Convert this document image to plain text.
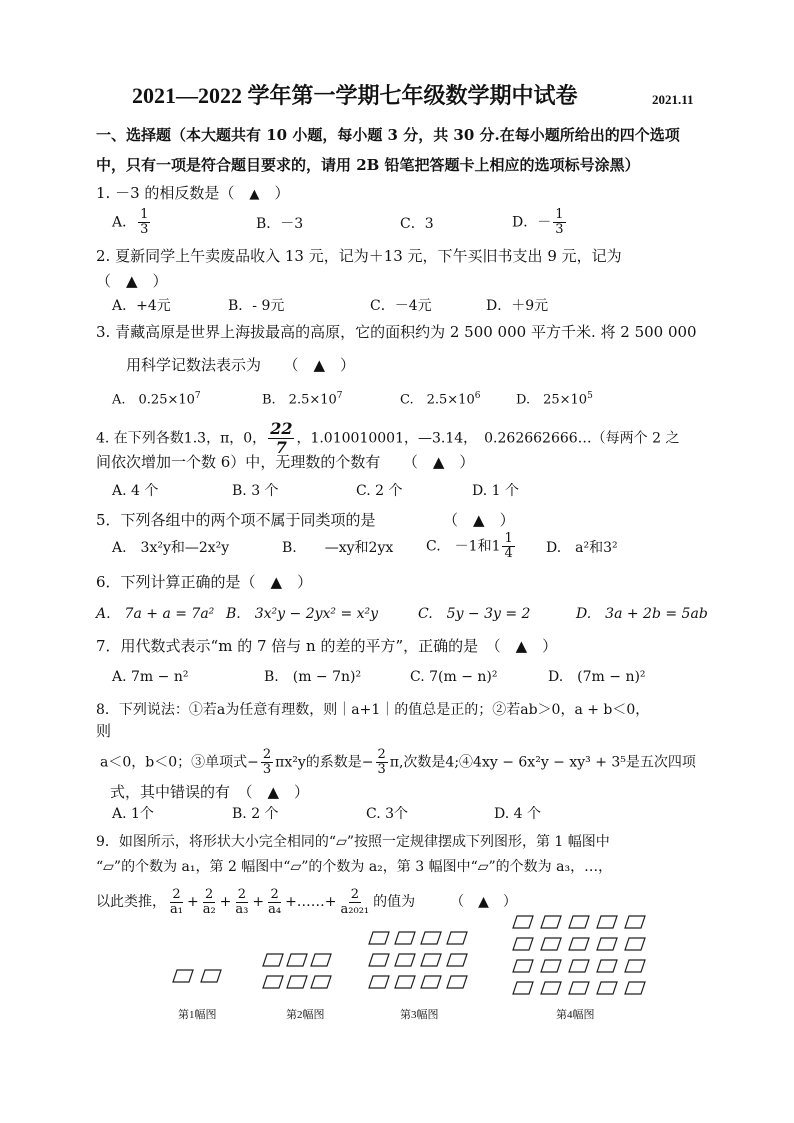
2021—2022 学年第一学期七年级数学期中试卷	2021.11
一、选择题（本大题共有 10 小题，每小题 3 分，共 30 分.在每小题所给出的四个选项
中，只有一项是符合题目要求的，请用 2B 铅笔把答题卡上相应的选项标号涂黑）
1. －3 的相反数是（　 ▲　 ）
A． $\frac{1}{3}$	B．－3	C．3	D．－ $\frac{1}{3}$
2. 夏新同学上午卖废品收入 13 元，记为＋13 元，下午买旧书支出 9 元，记为
（　▲　）
A．+4元	B．- 9元	C．－4元	D．＋9元
3. 青藏高原是世界上海拔最高的高原，它的面积约为 2 500 000 平方千米. 将 2 500 000
用科学记数法表示为　　（　▲　）
A.　$0.25\times 10^7$	B.　$2.5\times 10^7$	C.　$2.5\times 10^6$	D.　$25\times 10^5$
4. 在下列各数1.3̇，π，0， $\frac{22}{7}$ ，1.010010001，—3.14，　0.262662666…（每两个 2 之
间依次增加一个数 6）中，无理数的个数有　　（　▲　）
A. 4 个	B. 3 个	C. 2 个	D. 1 个
5．下列各组中的两个项不属于同类项的是　　　　　（　▲　）
A.　3x²y和—2x²y	B.　　—xy和2yx C.　－1和$1 \frac{1}{4} D$.　a²和3²
6．下列计算正确的是（　▲　）
A.　7a + a = 7a² B.　3x²y − 2yx² = x²y	C.　5y − 3y = 2	D.　3a + 2b = 5ab
7．用代数式表示“m 的 7 倍与 n 的差的平方”，正确的是　（　▲　）
A. 7m − n²	B.　(m − 7n)²	C. 7(m − n)²	D.　(7m − n)²
8．下列说法：①若a为任意有理数，则｜a+1｜的值总是正的；②若ab＞0，a + b＜0，
则
a＜0，b＜0；③单项式− $\frac{2}{3} \pi x^2y$的系数是− $\frac{2}{3} \pi$,次数是4;④4xy − 6x²y − xy³ + 3⁵是五次四项
式，其中错误的有　（　▲　）
A. 1个	B. 2 个	C. 3个	D. 4 个
9．如图所示，将形状大小完全相同的“▱”按照一定规律摆成下列图形，第 1 幅图中
“▱”的个数为 a₁，第 2 幅图中“▱”的个数为 a₂，第 3 幅图中“▱”的个数为 a₃，…，
以此类推， $\frac{2}{\text{a₁}} + \frac{2}{\text{a₂}} + \frac{2}{\text{a₃}} + \frac{2}{\text{a₄}}$ +……+ $\frac{2}{\text{a₂₀₂₁}}$ 的值为　　　（　▲　）
第1幅图	第2幅图	第3幅图	第4幅图
